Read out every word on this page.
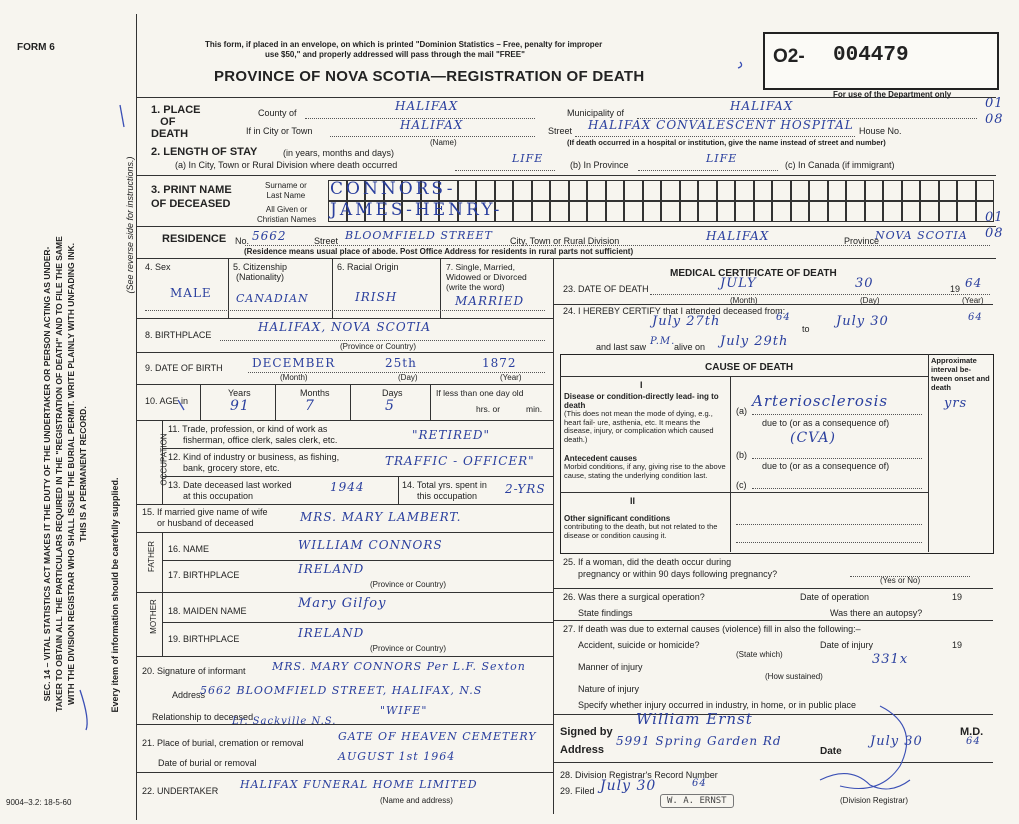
FORM 6	This form, if placed in an envelope, on which is printed "Dominion Statistics – Free, penalty for improper
use $50," and properly addressed will pass through the mail "FREE"
PROVINCE OF NOVA SCOTIA—REGISTRATION OF DEATH
O2- 004479
For use of the Department only
01
08
01
08
SEC. 14 – VITAL STATISTICS ACT MAKES IT THE DUTY OF THE UNDERTAKER OR PERSON ACTING AS UNDER- TAKER TO OBTAIN ALL THE PARTICULARS REQUIRED IN THE "REGISTRATION OF DEATH" AND TO FILE THE SAME WITH THE DIVISION REGISTRAR WHO SHALL ISSUE THE BURIAL PERMIT. WRITE PLAINLY WITH UNFADING INK. THIS IS A PERMANENT RECORD.
Every item of information should be carefully supplied.
(See reverse side for instructions.)
9004–3.2: 18-5-60
1. PLACE
OF
DEATH
County of	HALIFAX	Municipality of	HALIFAX
If in City or Town	HALIFAX
(Name)
Street HALIFAX CONVALESCENT HOSPITAL House No.
(If death occurred in a hospital or institution, give the name instead of street and number)
2. LENGTH OF STAY	(in years, months and days)
(a) In City, Town or Rural Division where death occurred	LIFE	(b) In Province	LIFE	(c) In Canada (if immigrant)
3. PRINT NAME
OF DECEASED
Surname or
Last Name
All Given or
Christian Names
CONNORS-
JAMES-HENRY-
RESIDENCE No. 5662	Street BLOOMFIELD STREET City, Town or Rural Division	HALIFAX	Province
NOVA SCOTIA
(Residence means usual place of abode. Post Office Address for residents in rural parts not sufficient)
4. Sex
MALE
5. Citizenship
(Nationality)
CANADIAN
6. Racial Origin
IRISH
7. Single, Married,
Widowed or Divorced
(write the word)
MARRIED
8. BIRTHPLACE
HALIFAX, NOVA SCOTIA
(Province or Country)
9. DATE OF BIRTH DECEMBER	25th	1872
(Month)	(Day)	(Year)
10. AGE in
Years	Months	Days
91	7	5
If less than one day old
hrs. or	min.
OCCUPATION
11. Trade, profession, or kind of work as
fisherman, office clerk, sales clerk, etc.	"RETIRED"
12. Kind of industry or business, as fishing,
bank, grocery store, etc.	TRAFFIC - OFFICER"
13. Date deceased last worked
at this occupation
1944	14. Total yrs. spent in
this occupation	2-YRS
15. If married give name of wife
or husband of deceased	MRS. MARY LAMBERT.
FATHER 16. NAME	WILLIAM CONNORS
17. BIRTHPLACE	IRELAND
(Province or Country)
MOTHER 18. MAIDEN NAME	Mary Gilfoy
19. BIRTHPLACE	IRELAND
(Province or Country)
20. Signature of informant MRS. MARY CONNORS Per L.F. Sexton
Address
5662 BLOOMFIELD STREET, HALIFAX, N.S
Relationship to deceased	"WIFE"
Lr. Sackville N.S.
21. Place of burial, cremation or removal	GATE OF HEAVEN CEMETERY
Date of burial or removal	AUGUST 1st 1964
22. UNDERTAKER HALIFAX FUNERAL HOME LIMITED
(Name and address)
MEDICAL CERTIFICATE OF DEATH
23. DATE OF DEATH	JULY	30	19 64
(Month)	(Day)	(Year)
24. I HEREBY CERTIFY that I attended deceased from:
July 27th	64
to July 30	64
and last saw P.M.
alive on July 29th
CAUSE OF DEATH
Approximate interval be- tween onset and death
I
Disease or condition-directly lead- ing to death
(This does not mean the mode of dying, e.g., heart fail- ure, asthenia, etc. It means the disease, injury, or complication which caused death.)
(a)
Arteriosclerosis	yrs
due to (or as a consequence of)
(CVA)
Antecedent causes
Morbid conditions, if any, giving rise to the above cause, stating the underlying condition last.
(b)
due to (or as a consequence of)
(c)
II
Other significant conditions
contributing to the death, but not related to the disease or condition causing it.
25. If a woman, did the death occur during
pregnancy or within 90 days following pregnancy?
(Yes or No)
26. Was there a surgical operation?	Date of operation	19
State findings	Was there an autopsy?
27. If death was due to external causes (violence) fill in also the following:–
Accident, suicide or homicide?
(State which)
Date of injury	19
Manner of injury	331x
(How sustained)
Nature of injury
Specify whether injury occurred in industry, in home, or in public place
Signed by
William Ernst
M.D.
Address
5991 Spring Garden Rd
Date
July 30	64
28. Division Registrar's Record Number
29. Filed July 30	64
W. A. ERNST	(Division Registrar)
